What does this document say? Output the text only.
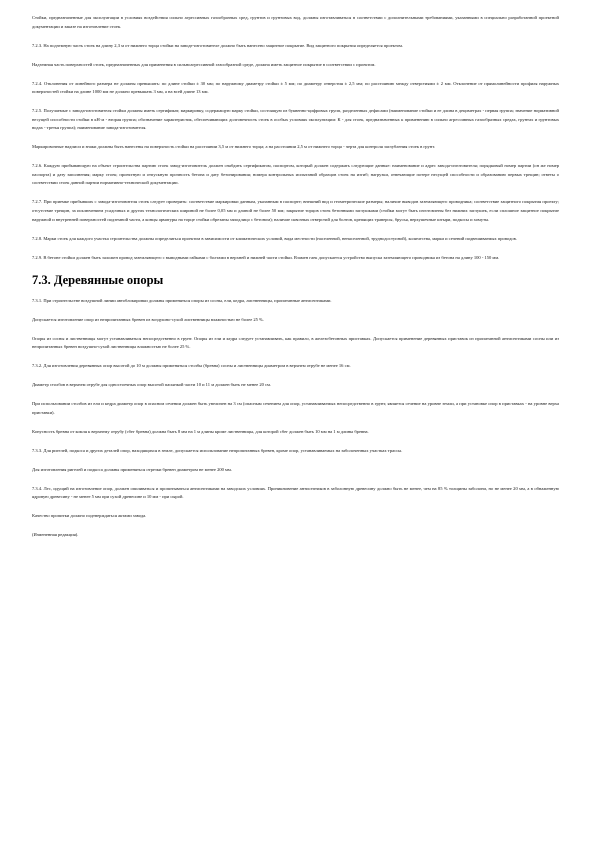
Стойки, предназначенные для эксплуатации в условиях воздействия сильно агрессивных газообразных сред, грунтов и грунтовых вод, должны изготавливаться в соответствии с дополнительными требованиями, указанными в специально разработанной проектной документации и заказе на изготовление стоек.

7.2.3. На подземную часть стоек на длину 2,3 м от нижнего торца стойки на заводе-изготовителе должно быть нанесено защитное покрытие. Вид защитного покрытия определяется проектом.

Надземная часть поверхностей стоек, предназначенных для применения в сильноагрессивной газообразной среде, должна иметь защитное покрытие в соответствии с проектом.

7.2.4. Отклонения от линейного размера не должны превышать: по длине стойки ± 30 мм; по наружному диаметру стойки ± 5 мм; по диаметру отверстия ± 2,5 мм; по расстоянию между отверстиями ± 2 мм. Отклонение от прямолинейности профиля наружных поверхностей стойки на длине 1000 мм не должно превышать 3 мм, а на всей длине 13 мм.

7.2.5. Получаемые с завода-изготовителя стойки должны иметь сертификат, маркировку, содержащую марку стойки, состоящую из буквенно-цифровых групп, разделенных дефисами (наименование стойки и ее длина в дециметрах - первая группа; значение нормативной несущей способности стойки в кН·м - вторая группа; обозначение характеристик, обеспечивающих долговечность стоек в особых условиях эксплуатации: К - для стоек, предназначенных к применению в сильно агрессивных газообразных средах, грунтах и грунтовых водах - третья группа); наименование завода-изготовителя.

Маркировочные надписи и знаки должны быть нанесены на поверхность стойки на расстоянии 3,5 м от нижнего торца; а на расстоянии 2,5 м от нижнего торца - черта для контроля заглубления стоек в грунт.

7.2.6. Каждую прибывающую на объект строительства партию стоек завод-изготовитель должен снабдить сертификатом, паспортом, который должен содержать следующие данные: наименование и адрес завода-изготовителя; порядковый номер партии (он же номер паспорта) и дату заполнения; марку стоек; проектную и отпускную прочность бетона и дату бетонирования; номера контрольных испытаний образцов стоек на изгиб; нагрузки, отвечающие потере несущей способности и образованию первых трещин; ответы о соответствии стоек данной партии нормативно-технической документации.

7.2.7. При приемке прибывших с завода-изготовителя стоек следует проверить: соответствие маркировки данным, указанным в паспорте; внешний вид и геометрические размеры; наличие выводов заземляющего проводника; соответствие защитного покрытия проекту; отсутствие трещин, за исключением усадочных и других технологических шириной не более 0,05 мм и длиной не более 50 мм; закрытие торцов стоек бетонными заглушками (стойки могут быть изготовлены без нижних заглушек, если сплошное защитное покрытие наружной и внутренней поверхностей подземной части, а концы арматуры на торце стойки обрезаны заподлицо с бетоном); наличие сквозных отверстий для болтов, крепящих траверсы, брусья, верхушечные штыри, подкосы и хомуты.

7.2.8. Марки стоек для каждого участка строительства должны определяться проектом в зависимости от климатических условий, вида местности (населенной, ненаселенной, труднодоступной), количества, марки и сечений подвешиваемых проводов.

7.2.9. В бетоне стойки должен быть заложен провод заземляющего с выводными гайками с болтами в верхней и нижней части стойки. Взамен гаек допускается устройство выпуска заземляющего проводника из бетона на длину 100 - 150 мм.

7.3. Деревянные опоры

7.3.1. При строительстве воздушной линии автоблокировки должны применяться опоры из сосны, ели, кедра, лиственницы, пропитанные антисептиками.

Допускается изготовление опор из непропитанных бревен из воздушно-сухой лиственницы влажностью не более 25 %.

Опоры из сосны и лиственницы могут устанавливаться непосредственно в грунт. Опоры из ели и кедра следует устанавливать, как правило, в железобетонных приставках. Допускается применение деревянных приставок из пропитанной антисептиками сосны или из непропитанных бревен воздушно-сухой лиственницы влажностью не более 25 %.

7.3.2. Для изготовления деревянных опор высотой до 10 м должны применяться столбы (бревна) сосны и лиственницы диаметром в верхнем отрубе не менее 16 см.

Диаметр столбов в верхнем отрубе для одностоечных опор высотой пасынкой части 10 и 11 м должен быть не менее 20 см.

При использовании столбов из ели и кедра диаметр опор в опасном сечении должен быть увеличен на 3 см (опасным сечением для опор, устанавливаемых непосредственно в грунт, является сечение на уровне земли, а при установке опор в приставках - на уровне верха приставки).

Конусность бревна от комля к верхнему отрубу (сбег бревна) должна быть 8 мм на 1 м длины кроме лиственницы, для которой сбег должен быть 10 мм на 1 м длины бревна.

7.3.3. Для ригелей, подкоса и других деталей опор, находящихся в земле, допускается использование непропитанных бревен, кроме опор, устанавливаемых на заболоченных участках трассы.

Для изготовления ригелей и подкоса должны применяться отрезки бревен диаметром не менее 200 мм.

7.3.4. Лес, идущий на изготовление опор, должен опиливаться и пропитываться антисептиками на заводских условиях. Проникновение антисептиков в заболонную древесину должно быть не менее, чем на 85 % толщины заболони, но не менее 20 мм, а в обнаженную ядровую древесину - не менее 5 мм при сухой древесине и 10 мм - при сырой.

Качество пропитки должно подтверждаться актами завода.

(Измененная редакция).
